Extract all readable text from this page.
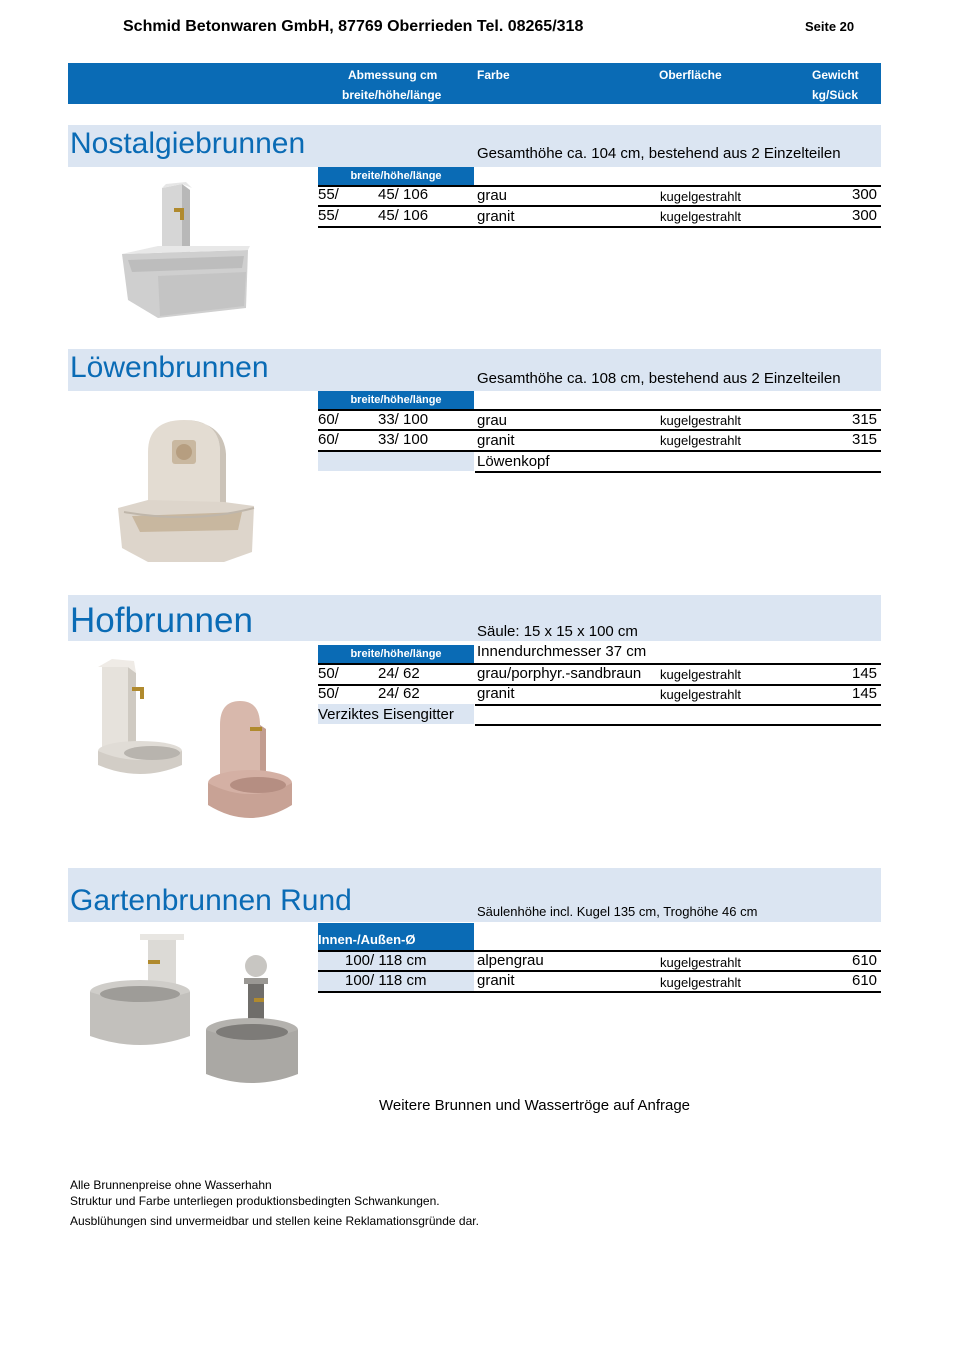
Schmid Betonwaren GmbH, 87769 Oberrieden Tel. 08265/318	Seite 20
Abmessung cm
breite/höhe/länge
Farbe	Oberfläche	Gewicht
kg/Sück
Nostalgiebrunnen	Gesamthöhe ca. 104 cm, bestehend aus 2 Einzelteilen
breite/höhe/länge
55/	45/ 106	grau	kugelgestrahlt	300
55/	45/ 106	granit	kugelgestrahlt	300
Löwenbrunnen	Gesamthöhe ca. 108 cm, bestehend aus 2 Einzelteilen
breite/höhe/länge
60/	33/ 100	grau	kugelgestrahlt	315
60/	33/ 100	granit	kugelgestrahlt	315
Löwenkopf
Hofbrunnen	Säule: 15 x 15 x 100 cm
breite/höhe/länge	Innendurchmesser 37 cm
50/	24/ 62	grau/porphyr.-sandbraun kugelgestrahlt	145
50/	24/ 62	granit	kugelgestrahlt	145
Verziktes Eisengitter
Gartenbrunnen Rund	Säulenhöhe incl. Kugel 135 cm, Troghöhe 46 cm
Innen-/Außen-Ø
100/ 118 cm	alpengrau	kugelgestrahlt	610
100/ 118 cm	granit	kugelgestrahlt	610
Weitere Brunnen und Wassertröge auf Anfrage
Alle Brunnenpreise ohne Wasserhahn
Struktur und Farbe unterliegen produktionsbedingten Schwankungen.
Ausblühungen sind unvermeidbar und stellen keine Reklamationsgründe dar.
